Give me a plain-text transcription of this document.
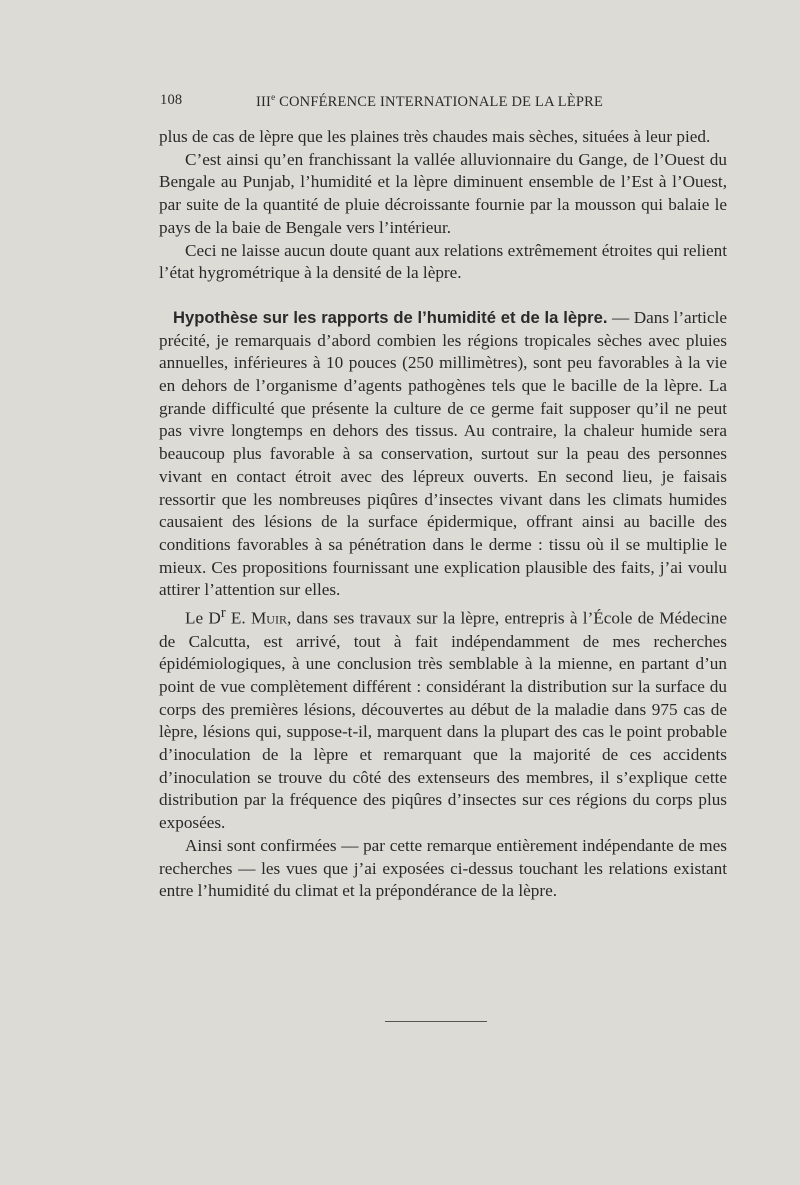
108	IIIe CONFÉRENCE INTERNATIONALE DE LA LÈPRE

plus de cas de lèpre que les plaines très chaudes mais sèches, situées à leur pied.

C’est ainsi qu’en franchissant la vallée alluvionnaire du Gange, de l’Ouest du Bengale au Punjab, l’humidité et la lèpre diminuent ensemble de l’Est à l’Ouest, par suite de la quantité de pluie décroissante fournie par la mousson qui balaie le pays de la baie de Bengale vers l’intérieur.

Ceci ne laisse aucun doute quant aux relations extrêmement étroites qui relient l’état hygrométrique à la densité de la lèpre.

Hypothèse sur les rapports de l’humidité et de la lèpre. — Dans l’article précité, je remarquais d’abord combien les régions tropicales sèches avec pluies annuelles, inférieures à 10 pouces (250 millimètres), sont peu favorables à la vie en dehors de l’organisme d’agents pathogènes tels que le bacille de la lèpre. La grande difficulté que présente la culture de ce germe fait supposer qu’il ne peut pas vivre longtemps en dehors des tissus. Au contraire, la chaleur humide sera beaucoup plus favorable à sa conservation, surtout sur la peau des personnes vivant en contact étroit avec des lépreux ouverts. En second lieu, je faisais ressortir que les nombreuses piqûres d’insectes vivant dans les climats humides causaient des lésions de la surface épidermique, offrant ainsi au bacille des conditions favorables à sa pénétration dans le derme : tissu où il se multiplie le mieux. Ces propositions fournissant une explication plausible des faits, j’ai voulu attirer l’attention sur elles.

Le $D^r$ E. Muir, dans ses travaux sur la lèpre, entrepris à l’École de Médecine de Calcutta, est arrivé, tout à fait indépendamment de mes recherches épidémiologiques, à une conclusion très semblable à la mienne, en partant d’un point de vue complètement différent : considérant la distribution sur la surface du corps des premières lésions, découvertes au début de la maladie dans 975 cas de lèpre, lésions qui, suppose-t-il, marquent dans la plupart des cas le point probable d’inoculation de la lèpre et remarquant que la majorité de ces accidents d’inoculation se trouve du côté des extenseurs des membres, il s’explique cette distribution par la fréquence des piqûres d’insectes sur ces régions du corps plus exposées.

Ainsi sont confirmées — par cette remarque entièrement indépendante de mes recherches — les vues que j’ai exposées ci-dessus touchant les relations existant entre l’humidité du climat et la prépondérance de la lèpre.
